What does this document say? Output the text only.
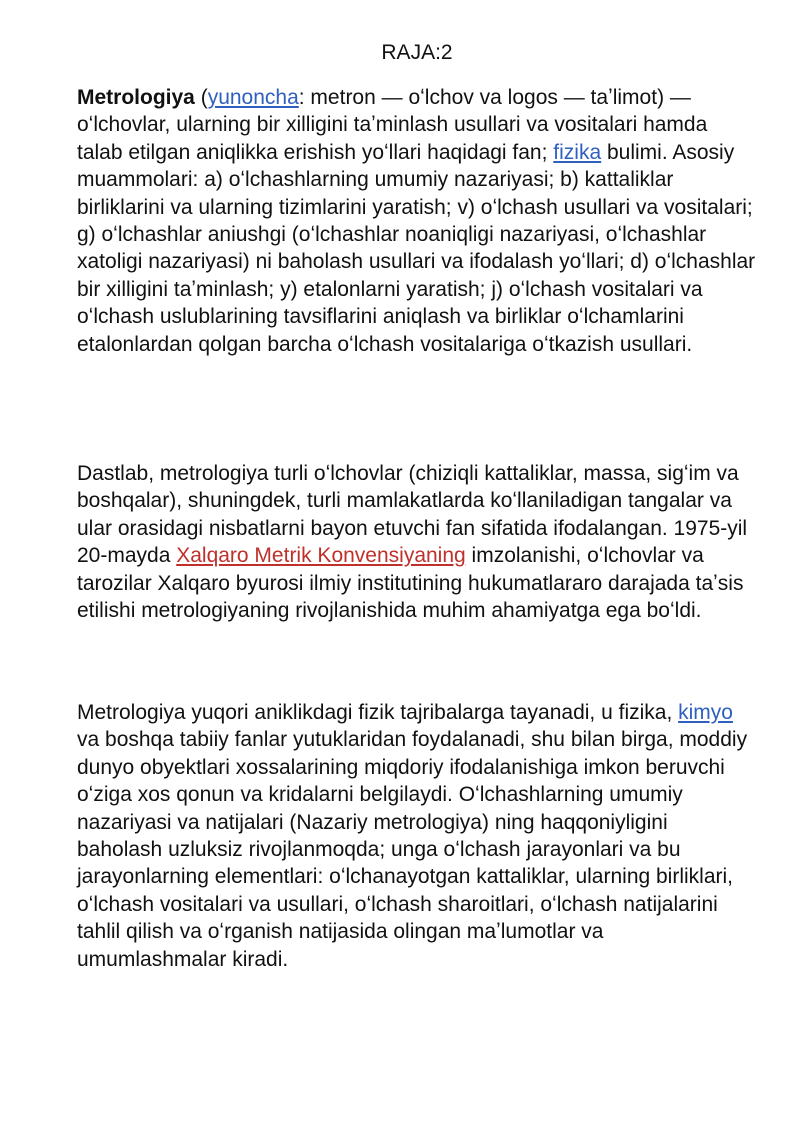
RAJA:2

Metrologiya (yunoncha: metron — oʻlchov va logos — taʼlimot) — oʻlchovlar, ularning bir xilligini taʼminlash usullari va vositalari hamda talab etilgan aniqlikka erishish yoʻllari haqidagi fan; fizika bulimi. Asosiy muammolari: a) oʻlchashlarning umumiy nazariyasi; b) kattaliklar birliklarini va ularning tizimlarini yaratish; v) oʻlchash usullari va vositalari; g) oʻlchashlar aniushgi (oʻlchashlar noaniqligi nazariyasi, oʻlchashlar xatoligi nazariyasi) ni baholash usullari va ifodalash yoʻllari; d) oʻlchashlar bir xilligini taʼminlash; y) etalonlarni yaratish; j) oʻlchash vositalari va oʻlchash uslublarining tavsiflarini aniqlash va birliklar oʻlchamlarini etalonlardan qolgan barcha oʻlchash vositalariga oʻtkazish usullari.

Dastlab, metrologiya turli oʻlchovlar (chiziqli kattaliklar, massa, sigʻim va boshqalar), shuningdek, turli mamlakatlarda koʻllaniladigan tangalar va ular orasidagi nisbatlarni bayon etuvchi fan sifatida ifodalangan. 1975-yil 20-mayda Xalqaro Metrik Konvensiyaning imzolanishi, oʻlchovlar va tarozilar Xalqaro byurosi ilmiy institutining hukumatlararo darajada taʼsis etilishi metrologiyaning rivojlanishida muhim ahamiyatga ega boʻldi.

Metrologiya yuqori aniklikdagi fizik tajribalarga tayanadi, u fizika, kimyo va boshqa tabiiy fanlar yutuklaridan foydalanadi, shu bilan birga, moddiy dunyo obyektlari xossalarining miqdoriy ifodalanishiga imkon beruvchi oʻziga xos qonun va kridalarni belgilaydi. Oʻlchashlarning umumiy nazariyasi va natijalari (Nazariy metrologiya) ning haqqoniyligini baholash uzluksiz rivojlanmoqda; unga oʻlchash jarayonlari va bu jarayonlarning elementlari: oʻlchanayotgan kattaliklar, ularning birliklari, oʻlchash vositalari va usullari, oʻlchash sharoitlari, oʻlchash natijalarini tahlil qilish va oʻrganish natijasida olingan maʼlumotlar va umumlashmalar kiradi.
